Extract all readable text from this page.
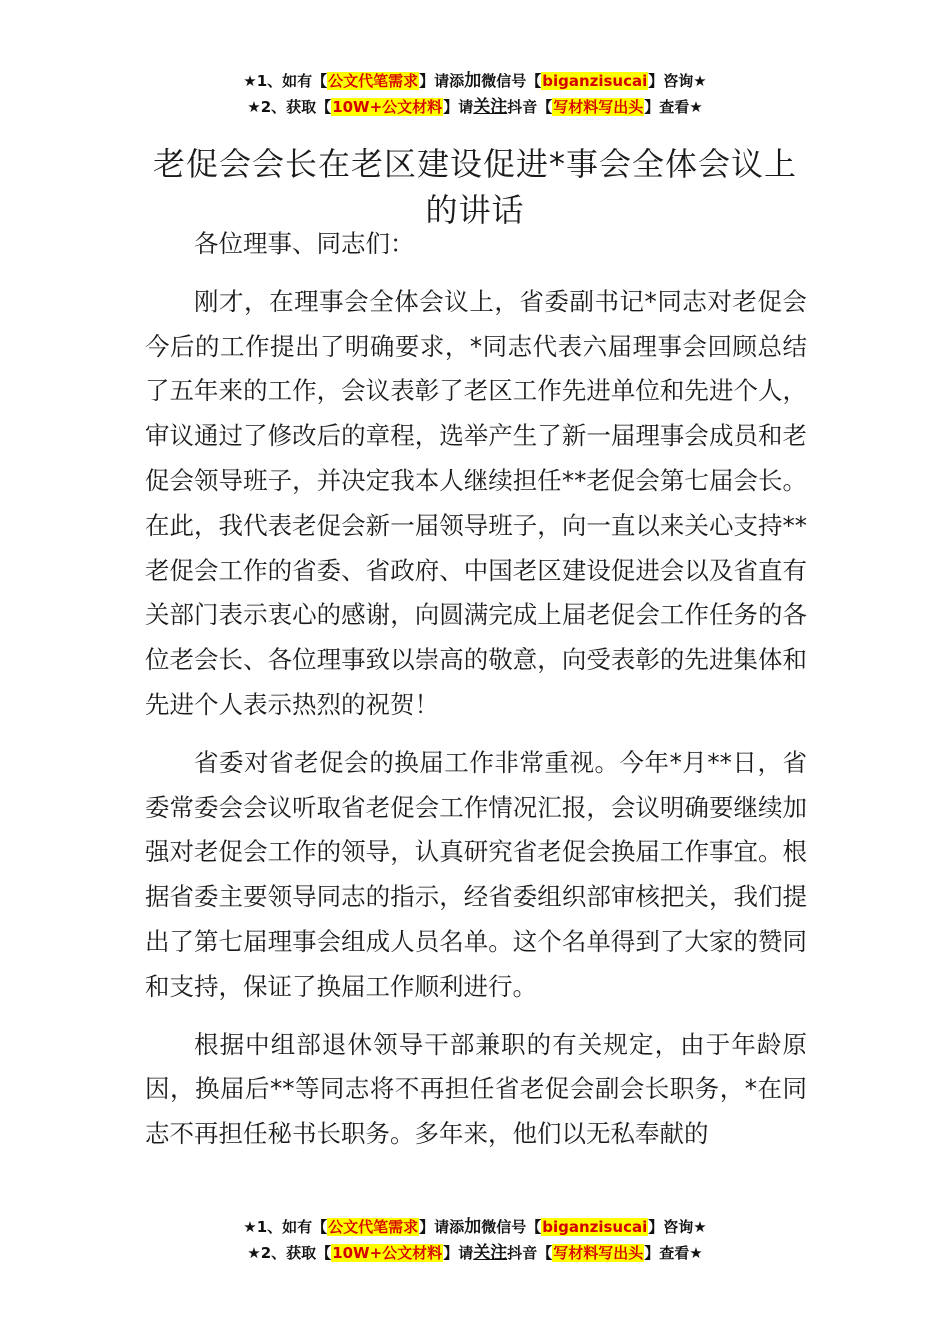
★1、如有【公文代笔需求】请添加微信号【biganzisucai】咨询★
★2、获取【10W+公文材料】请关注抖音【写材料写出头】查看★
老促会会长在老区建设促进*事会全体会议上的讲话

各位理事、同志们：

刚才，在理事会全体会议上，省委副书记*同志对老促会今后的工作提出了明确要求，*同志代表六届理事会回顾总结了五年来的工作，会议表彰了老区工作先进单位和先进个人，审议通过了修改后的章程，选举产生了新一届理事会成员和老促会领导班子，并决定我本人继续担任**老促会第七届会长。在此，我代表老促会新一届领导班子，向一直以来关心支持**老促会工作的省委、省政府、中国老区建设促进会以及省直有关部门表示衷心的感谢，向圆满完成上届老促会工作任务的各位老会长、各位理事致以崇高的敬意，向受表彰的先进集体和先进个人表示热烈的祝贺！

省委对省老促会的换届工作非常重视。今年*月**日，省委常委会会议听取省老促会工作情况汇报，会议明确要继续加强对老促会工作的领导，认真研究省老促会换届工作事宜。根据省委主要领导同志的指示，经省委组织部审核把关，我们提出了第七届理事会组成人员名单。这个名单得到了大家的赞同和支持，保证了换届工作顺利进行。

根据中组部退休领导干部兼职的有关规定，由于年龄原因，换届后**等同志将不再担任省老促会副会长职务，*在同志不再担任秘书长职务。多年来，他们以无私奉献的

★1、如有【公文代笔需求】请添加微信号【biganzisucai】咨询★
★2、获取【10W+公文材料】请关注抖音【写材料写出头】查看★
